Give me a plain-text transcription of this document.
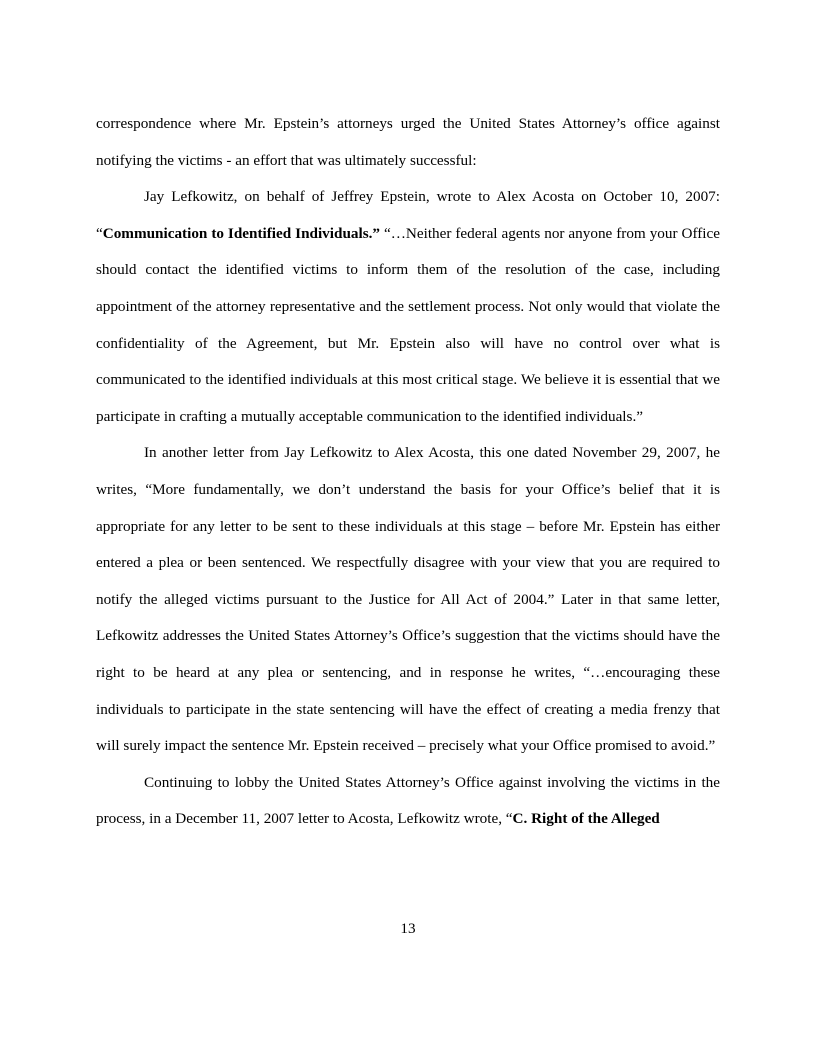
correspondence where Mr. Epstein’s attorneys urged the United States Attorney’s office against notifying the victims - an effort that was ultimately successful:

Jay Lefkowitz, on behalf of Jeffrey Epstein, wrote to Alex Acosta on October 10, 2007: “Communication to Identified Individuals.” “…Neither federal agents nor anyone from your Office should contact the identified victims to inform them of the resolution of the case, including appointment of the attorney representative and the settlement process. Not only would that violate the confidentiality of the Agreement, but Mr. Epstein also will have no control over what is communicated to the identified individuals at this most critical stage. We believe it is essential that we participate in crafting a mutually acceptable communication to the identified individuals.”

In another letter from Jay Lefkowitz to Alex Acosta, this one dated November 29, 2007, he writes, “More fundamentally, we don’t understand the basis for your Office’s belief that it is appropriate for any letter to be sent to these individuals at this stage – before Mr. Epstein has either entered a plea or been sentenced. We respectfully disagree with your view that you are required to notify the alleged victims pursuant to the Justice for All Act of 2004.” Later in that same letter, Lefkowitz addresses the United States Attorney’s Office’s suggestion that the victims should have the right to be heard at any plea or sentencing, and in response he writes, “…encouraging these individuals to participate in the state sentencing will have the effect of creating a media frenzy that will surely impact the sentence Mr. Epstein received – precisely what your Office promised to avoid.”

Continuing to lobby the United States Attorney’s Office against involving the victims in the process, in a December 11, 2007 letter to Acosta, Lefkowitz wrote, “C. Right of the Alleged

13
